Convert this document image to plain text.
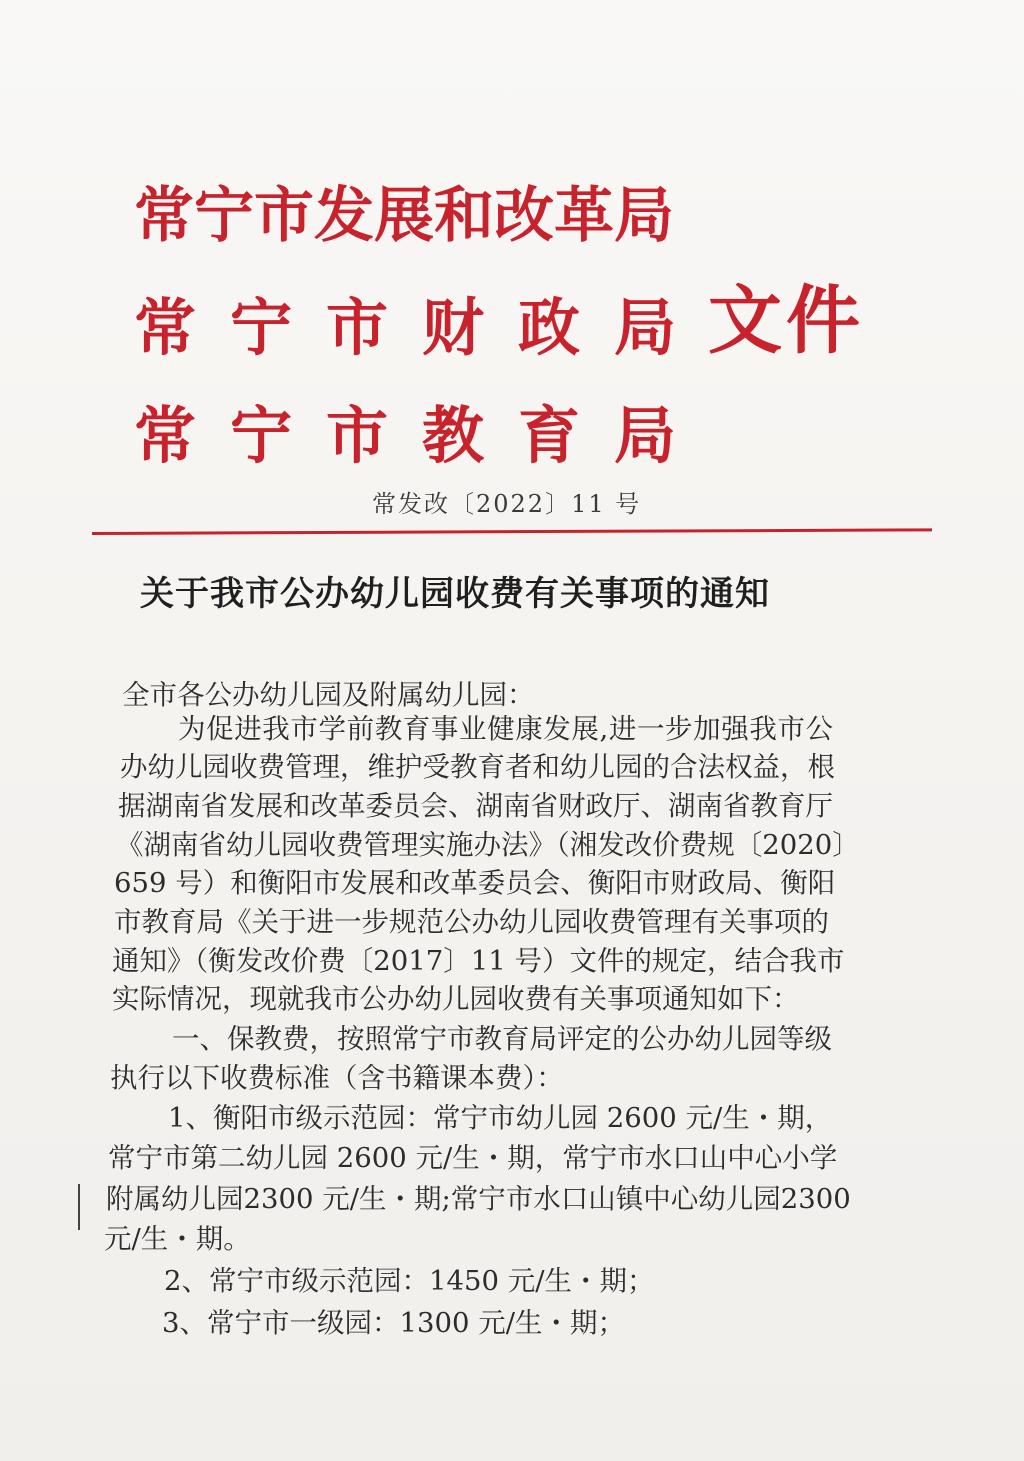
常宁市发展和改革局
常宁市财政局
常宁市教育局
文件
常发改〔2022〕11 号
关于我市公办幼儿园收费有关事项的通知
全市各公办幼儿园及附属幼儿园：
为促进我市学前教育事业健康发展,进一步加强我市公
办幼儿园收费管理，维护受教育者和幼儿园的合法权益，根
据湖南省发展和改革委员会、湖南省财政厅、湖南省教育厅
《湖南省幼儿园收费管理实施办法》（湘发改价费规〔2020〕
659 号）和衡阳市发展和改革委员会、衡阳市财政局、衡阳
市教育局《关于进一步规范公办幼儿园收费管理有关事项的
通知》（衡发改价费〔2017〕11 号）文件的规定，结合我市
实际情况，现就我市公办幼儿园收费有关事项通知如下：
一、保教费，按照常宁市教育局评定的公办幼儿园等级
执行以下收费标准（含书籍课本费）：
1、衡阳市级示范园：常宁市幼儿园 2600 元/生・期，
常宁市第二幼儿园 2600 元/生・期，常宁市水口山中心小学
附属幼儿园2300 元/生・期;常宁市水口山镇中心幼儿园2300
元/生・期。
2、常宁市级示范园：1450 元/生・期；
3、常宁市一级园：1300 元/生・期；
